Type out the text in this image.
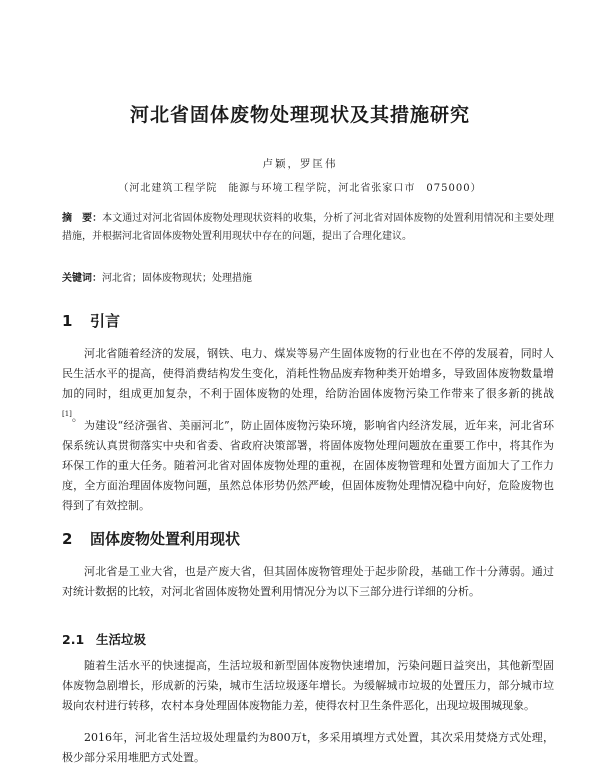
河北省固体废物处理现状及其措施研究
卢颖，罗匡伟
（河北建筑工程学院　能源与环境工程学院，河北省张家口市　075000）
摘　要：本文通过对河北省固体废物处理现状资料的收集，分析了河北省对固体废物的处置利用情况和主要处理措施，并根据河北省固体废物处置利用现状中存在的问题，提出了合理化建议。
关键词：河北省；固体废物现状；处理措施
1 引言

河北省随着经济的发展，钢铁、电力、煤炭等易产生固体废物的行业也在不停的发展着，同时人民生活水平的提高，使得消费结构发生变化，消耗性物品废弃物种类开始增多，导致固体废物数量增加的同时，组成更加复杂，不利于固体废物的处理，给防治固体废物污染工作带来了很多新的挑战[1]。

为建设“经济强省、美丽河北”，防止固体废物污染环境，影响省内经济发展，近年来，河北省环保系统认真贯彻落实中央和省委、省政府决策部署，将固体废物处理问题放在重要工作中，将其作为环保工作的重大任务。随着河北省对固体废物处理的重视，在固体废物管理和处置方面加大了工作力度，全方面治理固体废物问题，虽然总体形势仍然严峻，但固体废物处理情况稳中向好，危险废物也得到了有效控制。

2 固体废物处置利用现状

河北省是工业大省，也是产废大省，但其固体废物管理处于起步阶段，基础工作十分薄弱。通过对统计数据的比较，对河北省固体废物处置利用情况分为以下三部分进行详细的分析。

2.1 生活垃圾

随着生活水平的快速提高，生活垃圾和新型固体废物快速增加，污染问题日益突出，其他新型固体废物急剧增长，形成新的污染，城市生活垃圾逐年增长。为缓解城市垃圾的处置压力，部分城市垃圾向农村进行转移，农村本身处理固体废物能力差，使得农村卫生条件恶化，出现垃圾围城现象。

2016年，河北省生活垃圾处理量约为800万t，多采用填埋方式处置，其次采用焚烧方式处理，极少部分采用堆肥方式处置。
